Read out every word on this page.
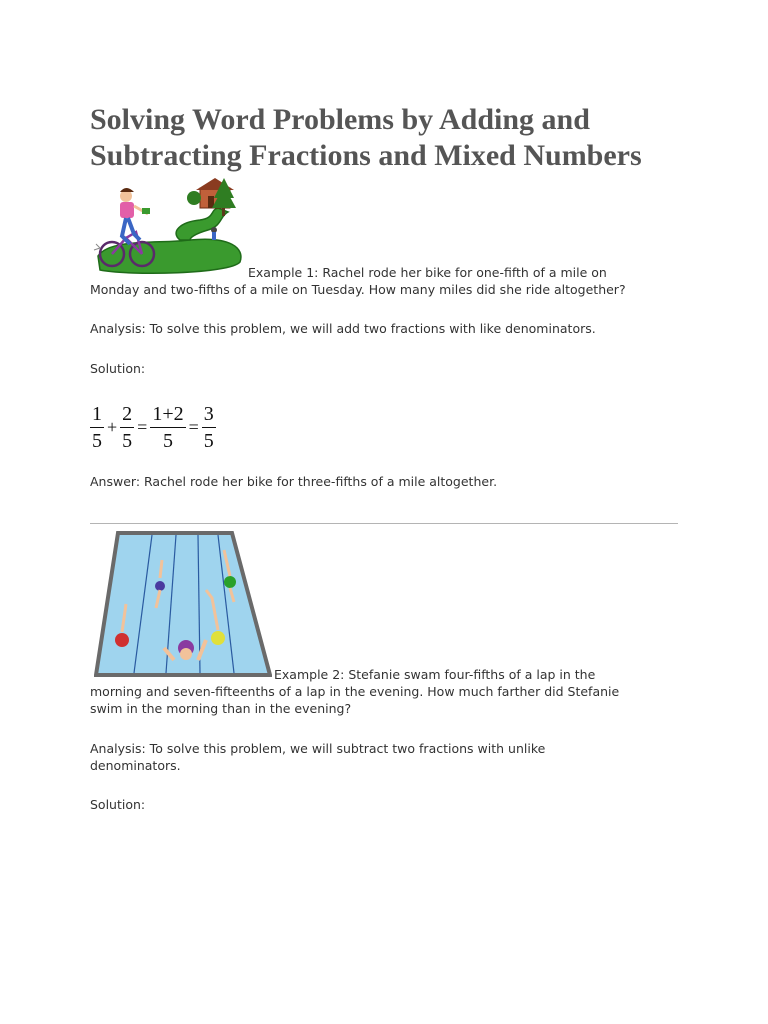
Solving Word Problems by Adding and Subtracting Fractions and Mixed Numbers

Example 1: Rachel rode her bike for one-fifth of a mile on

Monday and two-fifths of a mile on Tuesday. How many miles did she ride altogether?

Analysis: To solve this problem, we will add two fractions with like denominators.

Solution:

$\frac{1}{5} + \frac{2}{5} = \frac{1+2}{5} = \frac{3}{5}$

Answer: Rachel rode her bike for three-fifths of a mile altogether.

Example 2: Stefanie swam four-fifths of a lap in the

morning and seven-fifteenths of a lap in the evening. How much farther did Stefanie

swim in the morning than in the evening?

Analysis: To solve this problem, we will subtract two fractions with unlike

denominators.

Solution:
